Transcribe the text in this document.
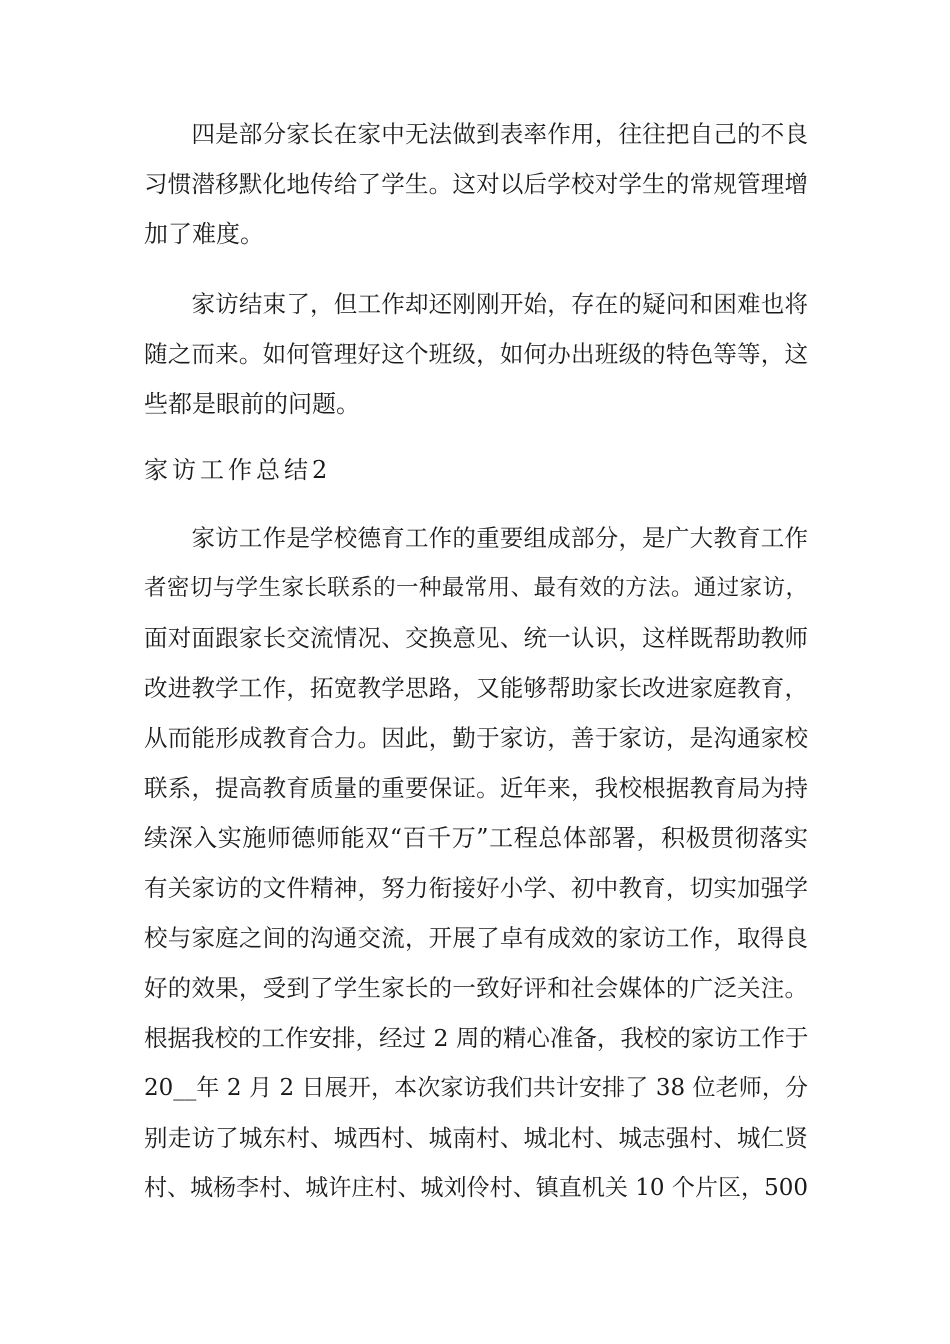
　　四是部分家长在家中无法做到表率作用，往往把自己的不良
习惯潜移默化地传给了学生。这对以后学校对学生的常规管理增
加了难度。
　　家访结束了，但工作却还刚刚开始，存在的疑问和困难也将
随之而来。如何管理好这个班级，如何办出班级的特色等等，这
些都是眼前的问题。
家访工作总结2
　　家访工作是学校德育工作的重要组成部分，是广大教育工作
者密切与学生家长联系的一种最常用、最有效的方法。通过家访，
面对面跟家长交流情况、交换意见、统一认识，这样既帮助教师
改进教学工作，拓宽教学思路，又能够帮助家长改进家庭教育，
从而能形成教育合力。因此，勤于家访，善于家访，是沟通家校
联系，提高教育质量的重要保证。近年来，我校根据教育局为持
续深入实施师德师能双“百千万”工程总体部署，积极贯彻落实
有关家访的文件精神，努力衔接好小学、初中教育，切实加强学
校与家庭之间的沟通交流，开展了卓有成效的家访工作，取得良
好的效果，受到了学生家长的一致好评和社会媒体的广泛关注。
根据我校的工作安排，经过 2 周的精心准备，我校的家访工作于
20__年 2 月 2 日展开，本次家访我们共计安排了 38 位老师，分
别走访了城东村、城西村、城南村、城北村、城志强村、城仁贤
村、城杨李村、城许庄村、城刘伶村、镇直机关 10 个片区，500
